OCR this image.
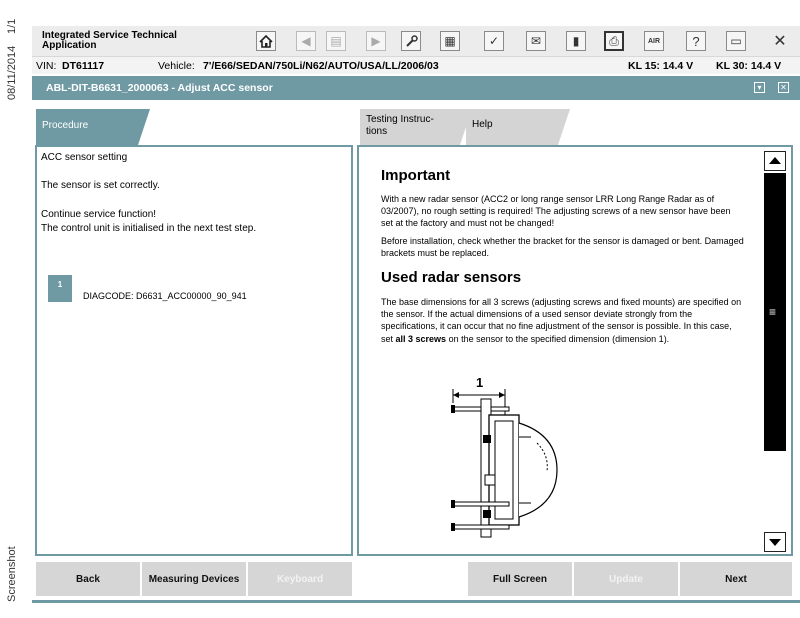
1/1
08/11/2014
Screenshot
Integrated Service Technical Application	◀	▤	▶	▦	✓	✉	▮	⎙	AIR	?	▭ ✕
VIN: DT61117	Vehicle: 7'/E66/SEDAN/750Li/N62/AUTO/USA/LL/2006/03	KL 15: 14.4 V KL 30: 14.4 V
ABL-DIT-B6631_2000063 - Adjust ACC sensor	▾	✕
Procedure
Testing Instruc-tions
Help
ACC sensor setting
The sensor is set correctly.
Continue service function!
The control unit is initialised in the next test step.
1
DIAGCODE: D6631_ACC00000_90_941
Important
With a new radar sensor (ACC2 or long range sensor LRR Long Range Radar as of 03/2007), no rough setting is required! The adjusting screws of a new sensor have been set at the factory and must not be changed!
Before installation, check whether the bracket for the sensor is damaged or bent. Damaged brackets must be replaced.
Used radar sensors
The base dimensions for all 3 screws (adjusting screws and fixed mounts) are specified on the sensor. If the actual dimensions of a used sensor deviate strongly from the specifications, it can occur that no fine adjustment of the sensor is possible. In this case, set all 3 screws on the sensor to the specified dimension (dimension 1).
1
≡
Back	Measuring Devices	Keyboard	Full Screen	Update	Next
